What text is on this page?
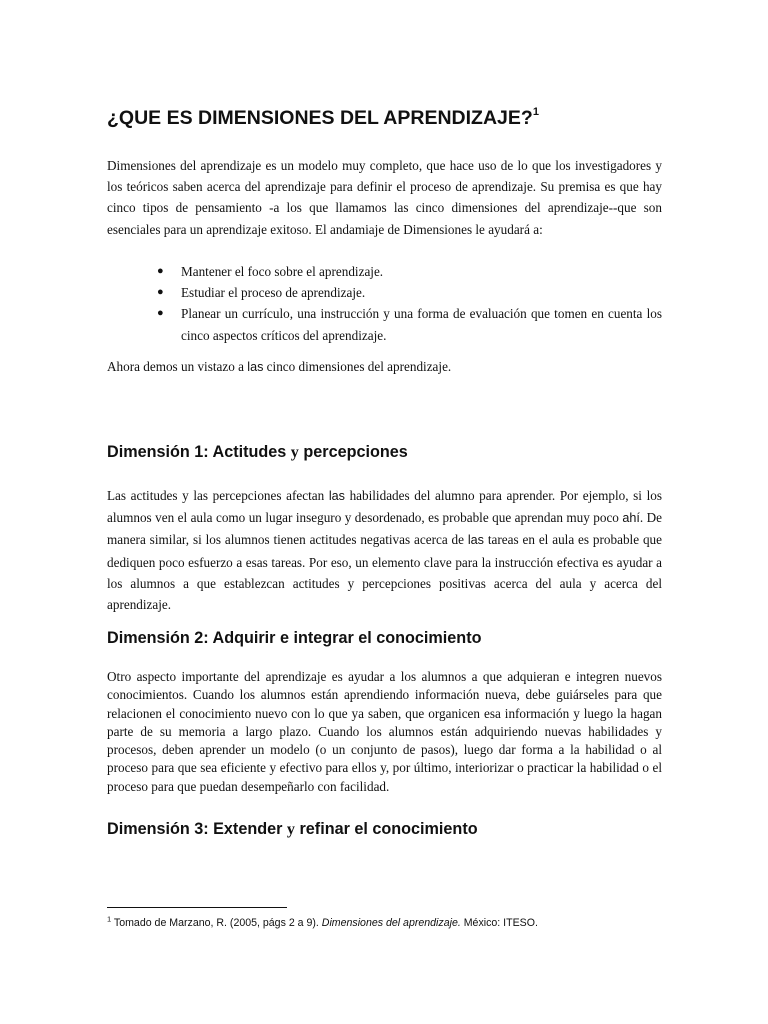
¿QUE ES DIMENSIONES DEL APRENDIZAJE?$^1$

Dimensiones del aprendizaje es un modelo muy completo, que hace uso de lo que los investigadores y los teóricos saben acerca del aprendizaje para definir el proceso de aprendizaje. Su premisa es que hay cinco tipos de pensamiento -a los que llamamos las cinco dimensiones del aprendizaje--que son esenciales para un aprendizaje exitoso. El andamiaje de Dimensiones le ayudará a:

● Mantener el foco sobre el aprendizaje.
● Estudiar el proceso de aprendizaje.
● Planear un currículo, una instrucción y una forma de evaluación que tomen en cuenta los cinco aspectos críticos del aprendizaje.

Ahora demos un vistazo a las cinco dimensiones del aprendizaje.

Dimensión 1: Actitudes y percepciones

Las actitudes y las percepciones afectan las habilidades del alumno para aprender. Por ejemplo, si los alumnos ven el aula como un lugar inseguro y desordenado, es probable que aprendan muy poco ahí. De manera similar, si los alumnos tienen actitudes negativas acerca de las tareas en el aula es probable que dediquen poco esfuerzo a esas tareas. Por eso, un elemento clave para la instrucción efectiva es ayudar a los alumnos a que establezcan actitudes y percepciones positivas acerca del aula y acerca del aprendizaje.

Dimensión 2: Adquirir e integrar el conocimiento

Otro aspecto importante del aprendizaje es ayudar a los alumnos a que adquieran e integren nuevos conocimientos. Cuando los alumnos están aprendiendo información nueva, debe guiárseles para que relacionen el conocimiento nuevo con lo que ya saben, que organicen esa información y luego la hagan parte de su memoria a largo plazo. Cuando los alumnos están adquiriendo nuevas habilidades y procesos, deben aprender un modelo (o un conjunto de pasos), luego dar forma a la habilidad o al proceso para que sea eficiente y efectivo para ellos y, por último, interiorizar o practicar la habilidad o el proceso para que puedan desempeñarlo con facilidad.

Dimensión 3: Extender y refinar el conocimiento

$^1$ Tomado de Marzano, R. (2005, págs 2 a 9). Dimensiones del aprendizaje. México: ITESO.
